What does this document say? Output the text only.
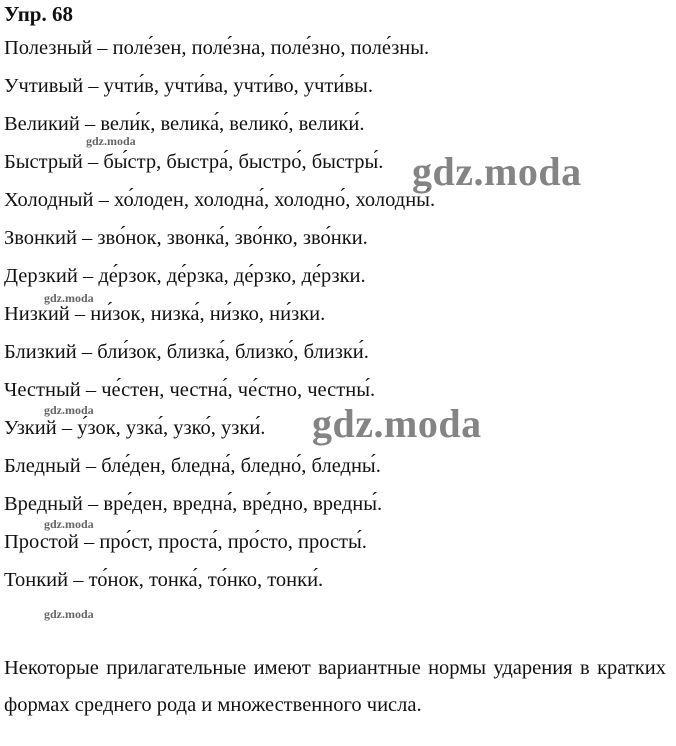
Упр. 68
Полезный – поле́зен, поле́зна, поле́зно, поле́зны.
Учтивый – учти́в, учти́ва, учти́во, учти́вы.
Великий – вели́к, велика́, велико́, велики́.
Быстрый – бы́стр, быстра́, быстро́, быстры́.
Холодный – хо́лоден, холодна́, холодно́, холодны́.
Звонкий – зво́нок, звонка́, зво́нко, зво́нки.
Дерзкий – де́рзок, де́рзка, де́рзко, де́рзки.
Низкий – ни́зок, низка́, ни́зко, ни́зки.
Близкий – бли́зок, близка́, близко́, близки́.
Честный – че́стен, честна́, че́стно, честны́.
Узкий – у́зок, узка́, узко́, узки́.
Бледный – бле́ден, бледна́, бледно́, бледны́.
Вредный – вре́ден, вредна́, вре́дно, вредны́.
Простой – про́ст, проста́, про́сто, просты́.
Тонкий – то́нок, тонка́, то́нко, тонки́.
Некоторые прилагательные имеют вариантные нормы ударения в кратких формах среднего рода и множественного числа.
gdz.moda
gdz.moda
gdz.moda
gdz.moda	gdz.moda
gdz.moda
gdz.moda
